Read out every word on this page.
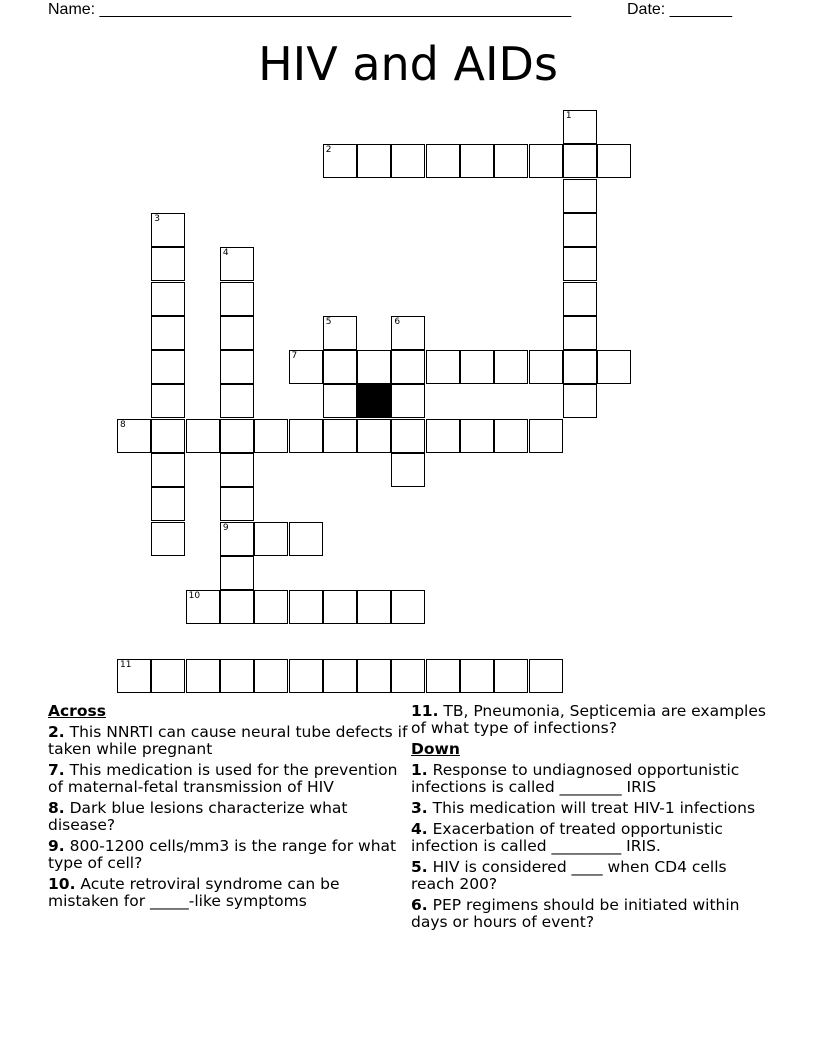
Name: _____________________________________________________	Date: _______
HIV and AIDs
1
2
3
4
9
5	6
7
8
10
11
Across
2. This NNRTI can cause neural tube defects if taken while pregnant
7. This medication is used for the prevention of maternal-fetal transmission of HIV
8. Dark blue lesions characterize what disease?
9. 800-1200 cells/mm3 is the range for what type of cell?
10. Acute retroviral syndrome can be mistaken for _____-like symptoms
11. TB, Pneumonia, Septicemia are examples of what type of infections?
Down
1. Response to undiagnosed opportunistic infections is called ________ IRIS
3. This medication will treat HIV-1 infections
4. Exacerbation of treated opportunistic infection is called _________ IRIS.
5. HIV is considered ____ when CD4 cells reach 200?
6. PEP regimens should be initiated within days or hours of event?
